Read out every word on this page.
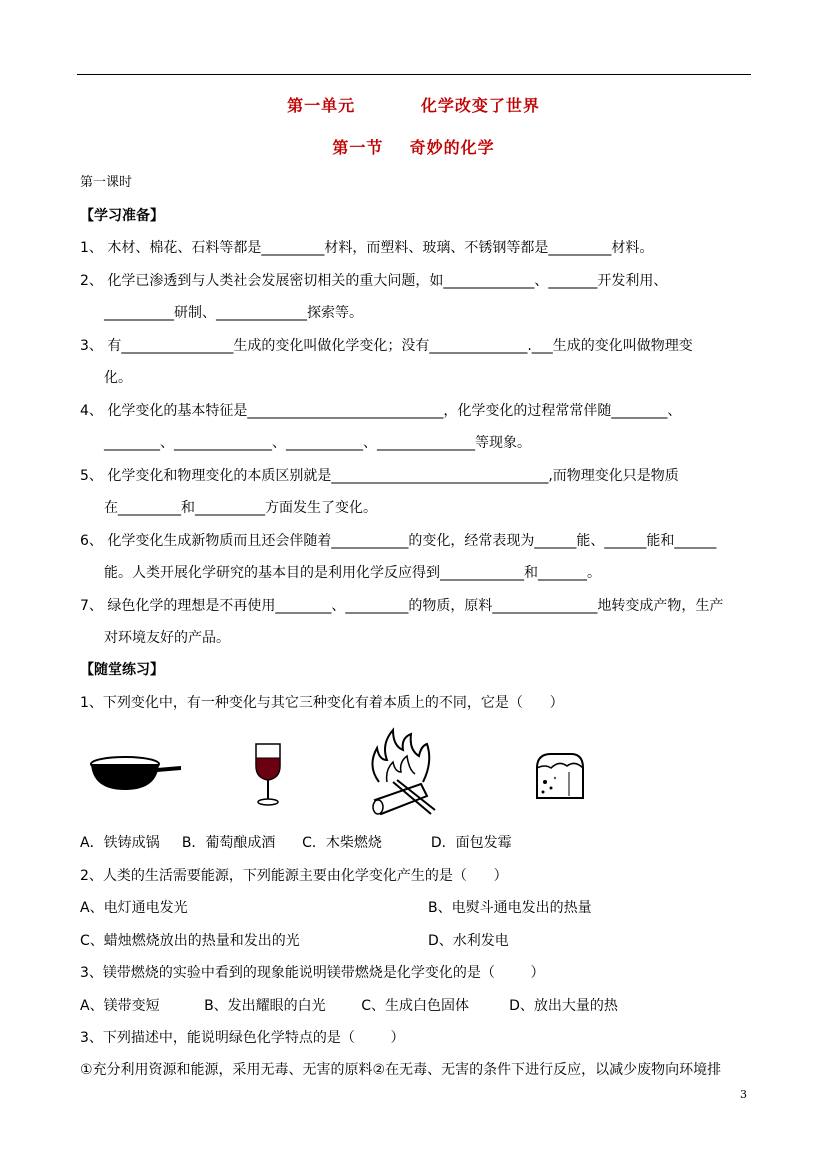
第一单元          化学改变了世界
第一节    奇妙的化学
第一课时
【学习准备】
1、 木材、棉花、石料等都是_________材料，而塑料、玻璃、不锈钢等都是_________材料。
2、 化学已渗透到与人类社会发展密切相关的重大问题，如_____________、_______开发利用、
__________研制、_____________探索等。
3、 有________________生成的变化叫做化学变化；没有______________.___生成的变化叫做物理变
化。
4、 化学变化的基本特征是____________________________，化学变化的过程常常伴随________、
________、______________、___________、______________等现象。
5、 化学变化和物理变化的本质区别就是_______________________________,而物理变化只是物质
在_________和__________方面发生了变化。
6、 化学变化生成新物质而且还会伴随着___________的变化，经常表现为______能、______能和______
能。人类开展化学研究的基本目的是利用化学反应得到____________和_______。
7、 绿色化学的理想是不再使用________、_________的物质，原料_______________地转变成产物，生产
对环境友好的产品。
【随堂练习】
1、下列变化中，有一种变化与其它三种变化有着本质上的不同，它是（      ）
A．铁铸成锅     B．葡萄酿成酒      C．木柴燃烧           D．面包发霉
2、人类的生活需要能源，下列能源主要由化学变化产生的是（      ）
A、电灯通电发光	B、电熨斗通电发出的热量
C、蜡烛燃烧放出的热量和发出的光	D、水利发电
3、镁带燃烧的实验中看到的现象能说明镁带燃烧是化学变化的是（        ）
A、镁带变短          B、发出耀眼的白光        C、生成白色固体         D、放出大量的热
3、下列描述中，能说明绿色化学特点的是（        ）
①充分利用资源和能源，采用无毒、无害的原料②在无毒、无害的条件下进行反应，以减少废物向环境排
3
